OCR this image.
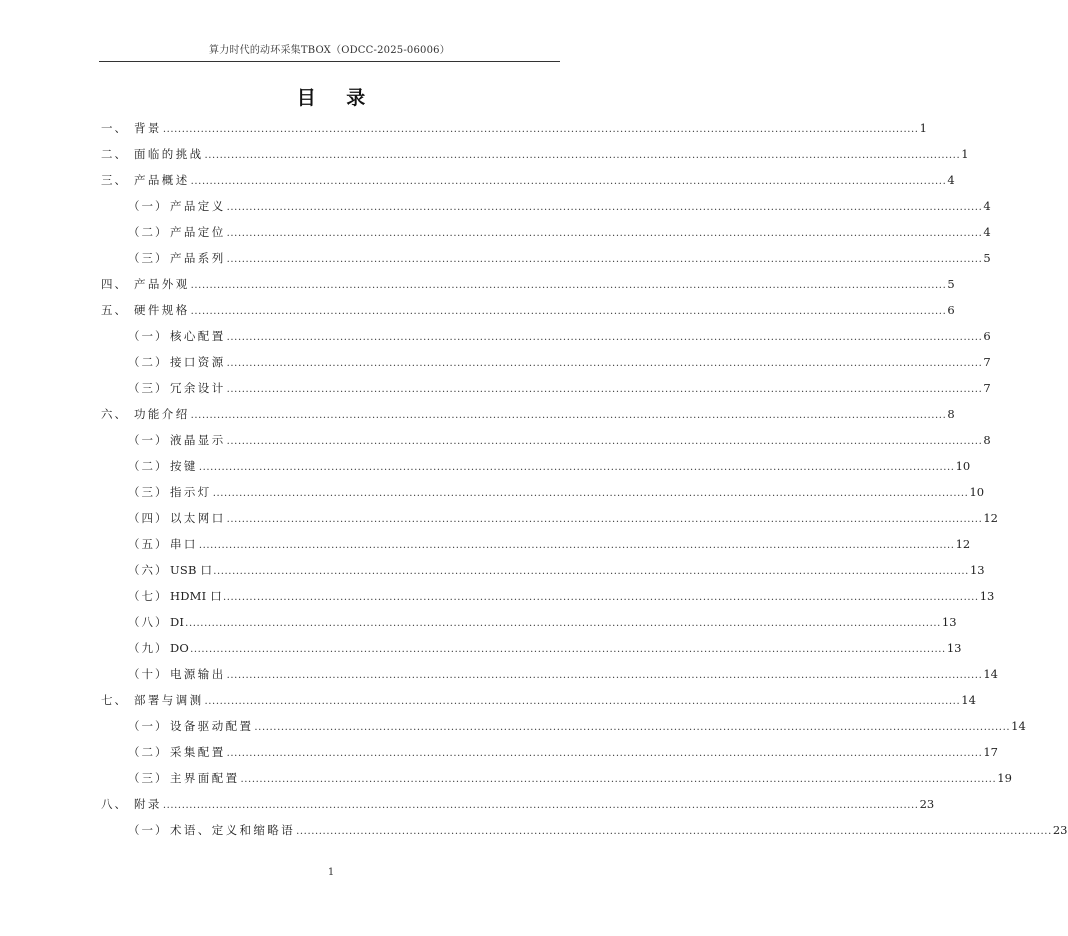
算力时代的动环采集TBOX（ODCC-2025-06006）
目 录
一、 背景 ........................................................................................................................................................................................................ 1
二、 面临的挑战 ........................................................................................................................................................................................................ 1
三、 产品概述 ........................................................................................................................................................................................................ 4
（一） 产品定义 ........................................................................................................................................................................................................ 4
（二） 产品定位 ........................................................................................................................................................................................................ 4
（三） 产品系列 ........................................................................................................................................................................................................ 5
四、 产品外观 ........................................................................................................................................................................................................ 5
五、 硬件规格 ........................................................................................................................................................................................................ 6
（一） 核心配置 ........................................................................................................................................................................................................ 6
（二） 接口资源 ........................................................................................................................................................................................................ 7
（三） 冗余设计 ........................................................................................................................................................................................................ 7
六、 功能介绍 ........................................................................................................................................................................................................ 8
（一） 液晶显示 ........................................................................................................................................................................................................ 8
（二） 按键 ........................................................................................................................................................................................................ 10
（三） 指示灯 ........................................................................................................................................................................................................ 10
（四） 以太网口 ........................................................................................................................................................................................................ 12
（五） 串口 ........................................................................................................................................................................................................ 12
（六） USB 口 ........................................................................................................................................................................................................ 13
（七） HDMI 口 ........................................................................................................................................................................................................ 13
（八） DI ........................................................................................................................................................................................................ 13
（九） DO ........................................................................................................................................................................................................ 13
（十） 电源输出 ........................................................................................................................................................................................................ 14
七、 部署与调测 ........................................................................................................................................................................................................ 14
（一） 设备驱动配置 ........................................................................................................................................................................................................ 14
（二） 采集配置 ........................................................................................................................................................................................................ 17
（三） 主界面配置 ........................................................................................................................................................................................................ 19
八、 附录 ........................................................................................................................................................................................................ 23
（一） 术语、定义和缩略语 ........................................................................................................................................................................................................ 23
1
